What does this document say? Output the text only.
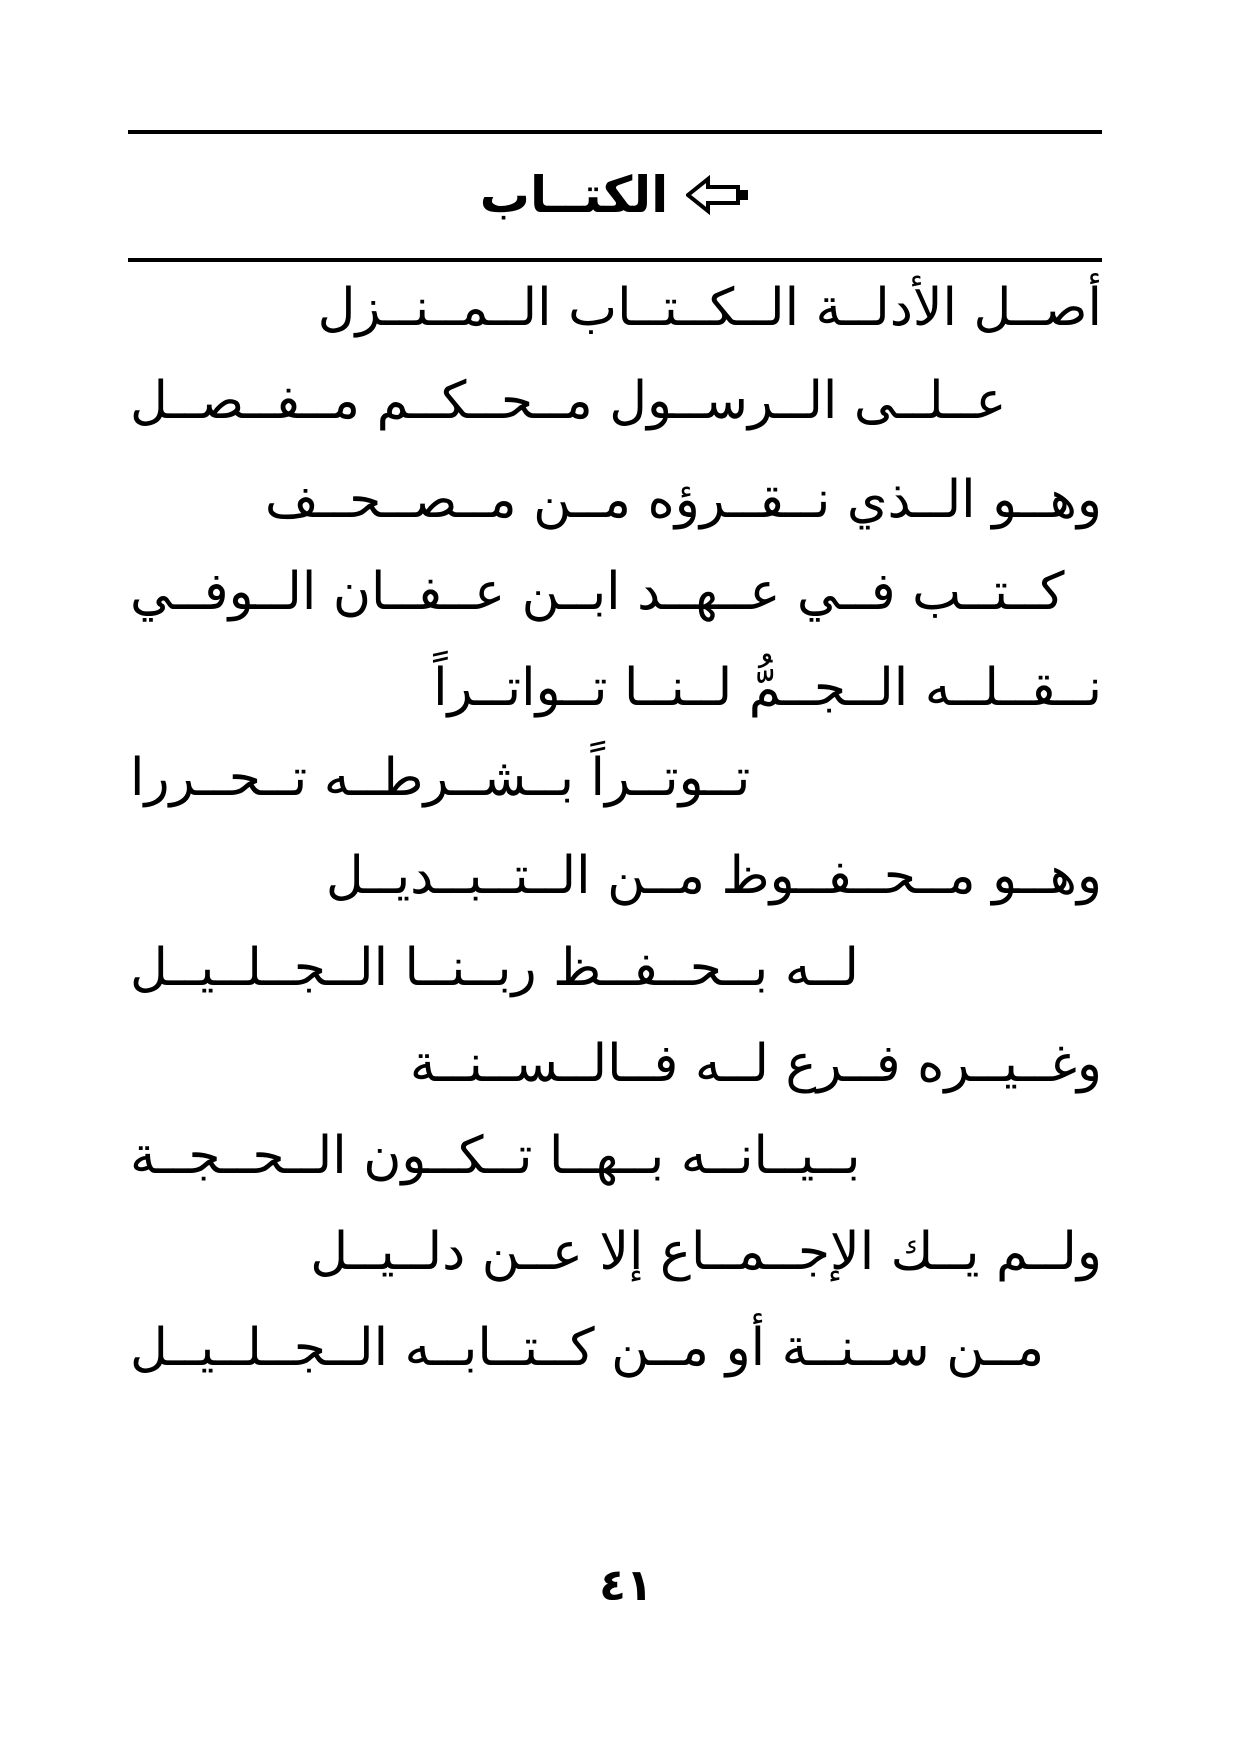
الكتــاب
أصــل الأدلــة الــكــتــاب الــمــنــزل
عــلــى الــرســول مــحــكــم مــفــصــل
وهــو الــذي نــقــرؤه مــن مــصــحــف
كــتــب فــي عــهــد ابــن عــفــان الــوفــي
نــقــلــه الــجــمُّ لــنــا تــواتــراً
تــوتــراً بــشــرطــه تــحــررا
وهــو مــحــفــوظ مــن الــتــبــديــل
لــه بــحــفــظ ربــنــا الــجــلــيــل
وغــيــره فــرع لــه فــالــســنــة
بــيــانــه بــهــا تــكــون الــحــجــة
ولــم يــك الإجــمــاع إلا عــن دلــيــل
مــن ســنــة أو مــن كــتــابــه الــجــلــيــل
٤١
